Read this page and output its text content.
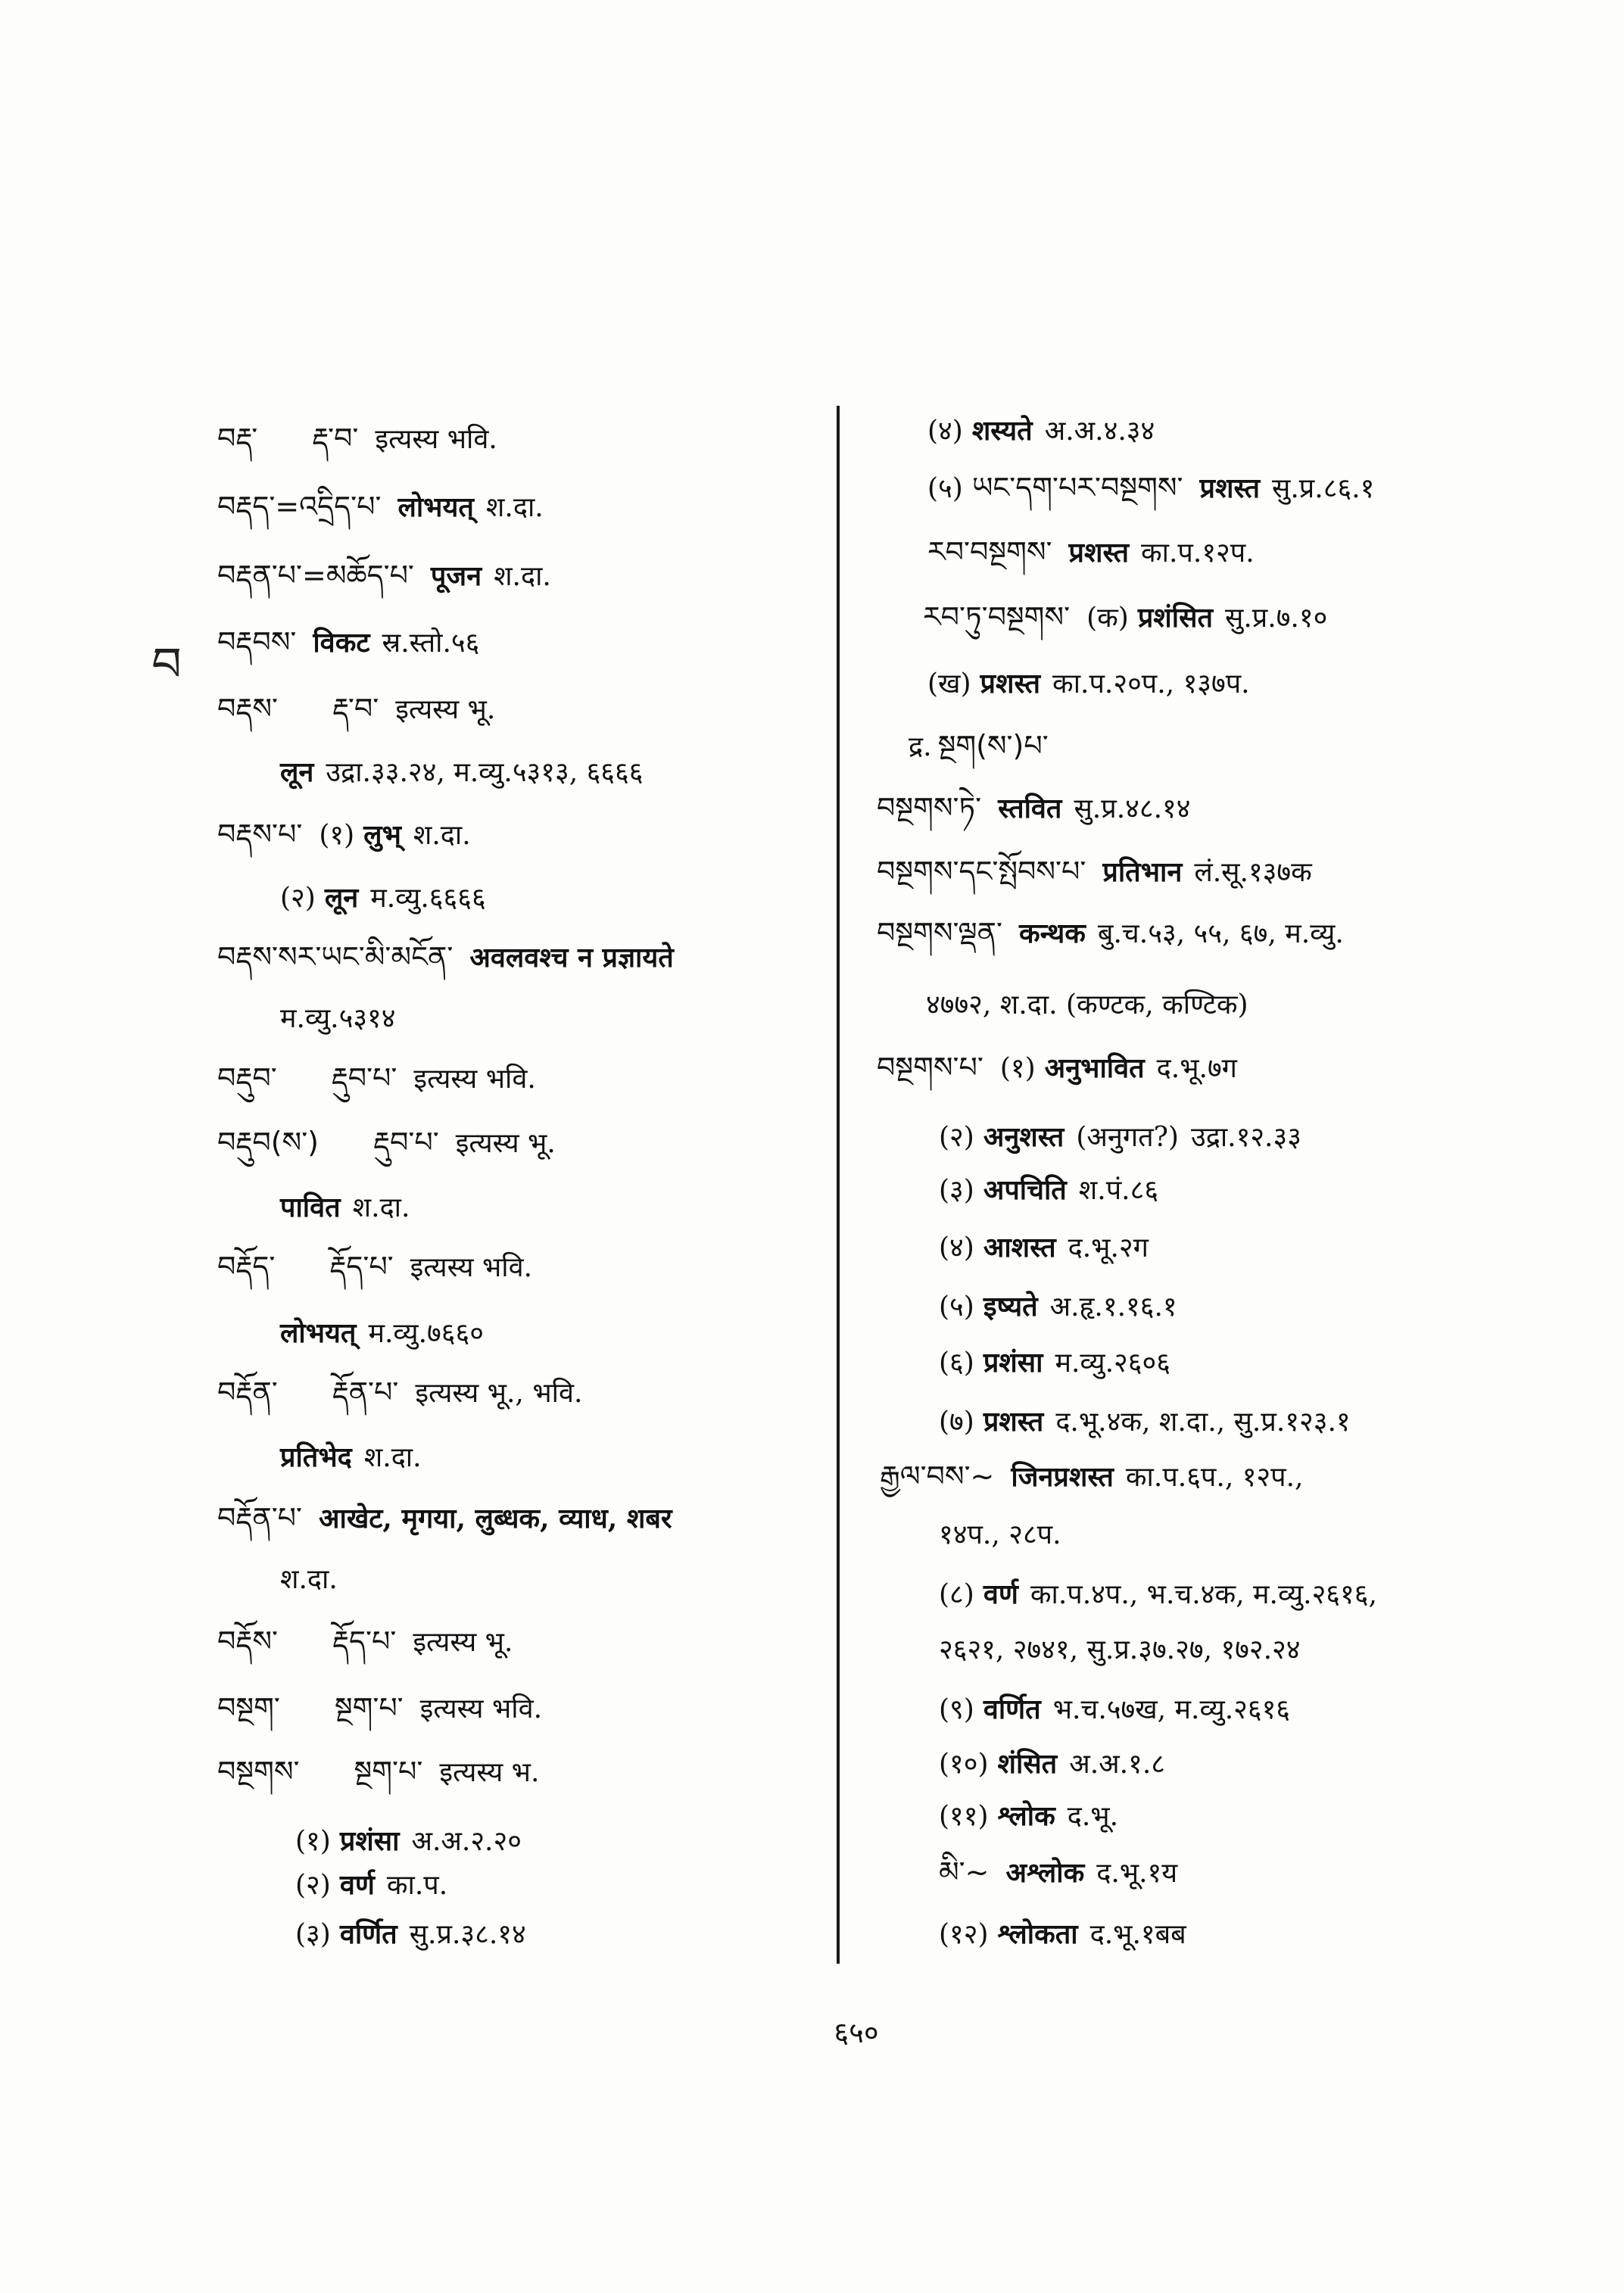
བ
བརྡ་ རྡ་བ་ इत्यस्य भवि.
བརྡད་=འདྲིད་པ་ लोभयत् श.दा.
བརྡན་པ་=མཆོད་པ་ पूजन श.दा.
བརྡབས་ विकट स्र.स्तो.५६
བརྡས་ རྡ་བ་ इत्यस्य भू.
लून उद्रा.३३.२४, म.व्यु.५३१३, ६६६६
བརྡས་པ་ (१) लुभ् श.दा.
(२) लून म.व्यु.६६६६
བརྡས་སར་ཡང་མི་མངོན་ अवलवश्च न प्रज्ञायते
म.व्यु.५३१४
བརྡུབ་ རྡུབ་པ་ इत्यस्य भवि.
བརྡུབ(ས་) རྡུབ་པ་ इत्यस्य भू.
पावित श.दा.
བརྡོད་ རྡོད་པ་ इत्यस्य भवि.
लोभयत् म.व्यु.७६६०
བརྡོན་ རྡོན་པ་ इत्यस्य भू., भवि.
प्रतिभेद श.दा.
བརྡོན་པ་ आखेट, मृगया, लुब्धक, व्याध, शबर
श.दा.
བརྡོས་ རྡོད་པ་ इत्यस्य भू.
བསྔག་ སྔག་པ་ इत्यस्य भवि.
བསྔགས་ སྔག་པ་ इत्यस्य भ.
(१) प्रशंसा अ.अ.२.२०
(२) वर्ण का.प.
(३) वर्णित सु.प्र.३८.१४
(४) शस्यते अ.अ.४.३४
(५) ཡང་དག་པར་བསྔགས་ प्रशस्त सु.प्र.८६.१
རབ་བསྔགས་ प्रशस्त का.प.१२प.
རབ་ཏུ་བསྔགས་ (क) प्रशंसित सु.प्र.७.१०
(ख) प्रशस्त का.प.२०प., १३७प.
द्र. སྔག(ས་)པ་
བསྔགས་ཏེ་ स्तवित सु.प्र.४८.१४
བསྔགས་དང་སྤོབས་པ་ प्रतिभान लं.सू.१३७क
བསྔགས་ལྡན་ कन्थक बु.च.५३, ५५, ६७, म.व्यु.
४७७२, श.दा. (कण्टक, कण्टिक)
བསྔགས་པ་ (१) अनुभावित द.भू.७ग
(२) अनुशस्त (अनुगत?) उद्रा.१२.३३
(३) अपचिति श.पं.८६
(४) आशस्त द.भू.२ग
(५) इष्यते अ.हृ.१.१६.१
(६) प्रशंसा म.व्यु.२६०६
(७) प्रशस्त द.भू.४क, श.दा., सु.प्र.१२३.१
རྒྱལ་བས་~ जिनप्रशस्त का.प.६प., १२प.,
१४प., २८प.
(८) वर्ण का.प.४प., भ.च.४क, म.व्यु.२६१६,
२६२१, २७४१, सु.प्र.३७.२७, १७२.२४
(९) वर्णित भ.च.५७ख, म.व्यु.२६१६
(१०) शंसित अ.अ.१.८
(११) श्लोक द.भू.
མི་~ अश्लोक द.भू.१य
(१२) श्लोकता द.भू.१बब
६५०
